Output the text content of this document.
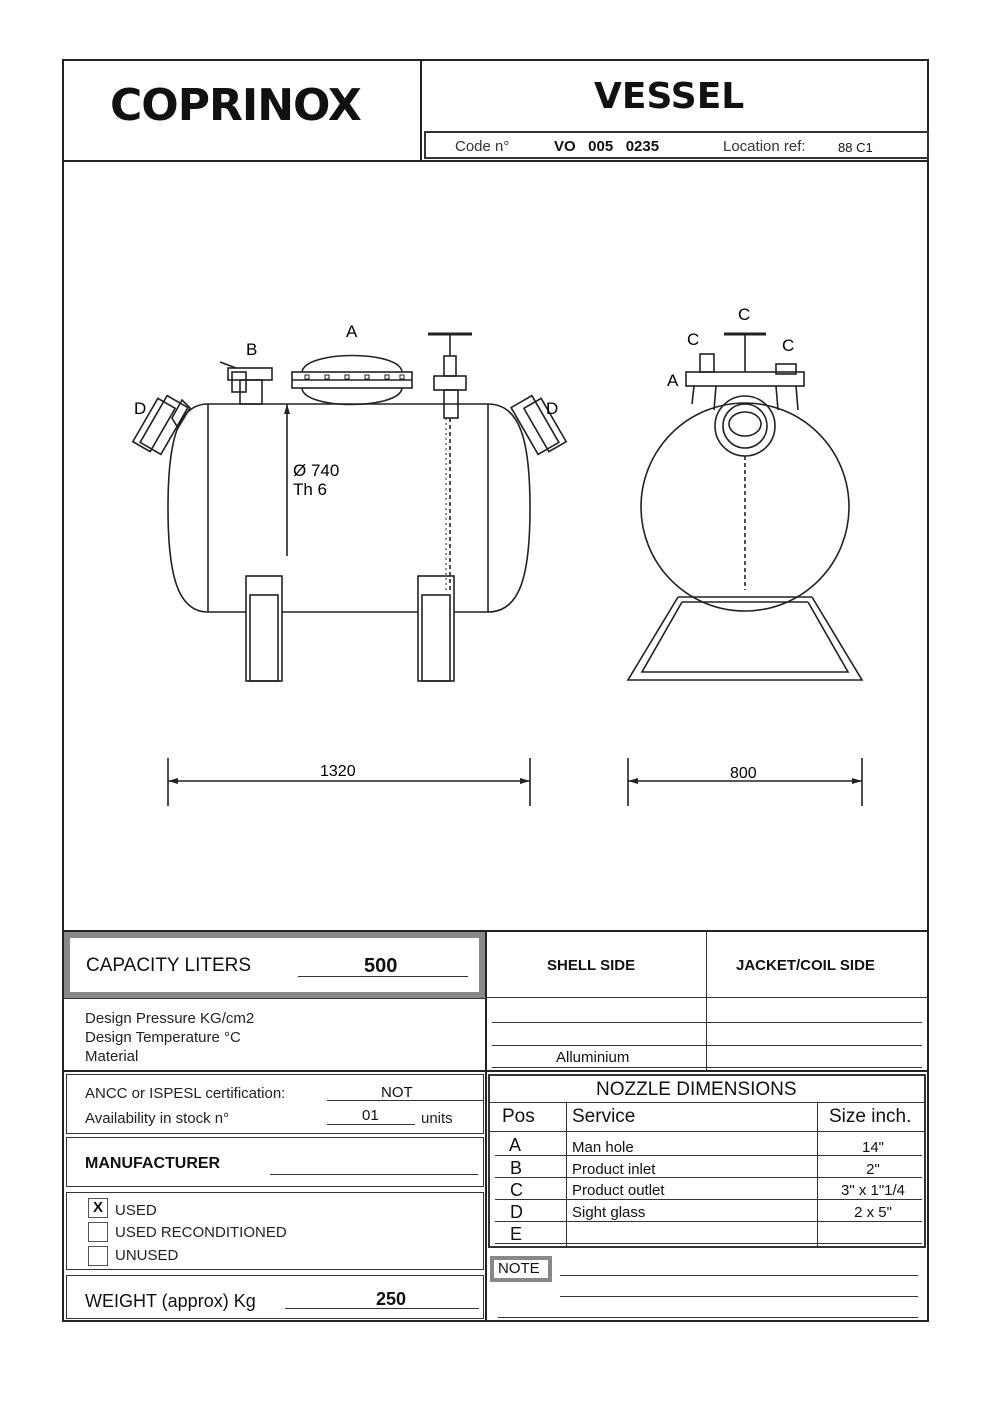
COPRINOX	VESSEL
Code n°	VO   005   0235	Location ref: 88 C1
A
B
D	D
Ø 740
Th 6
C
C	C
A
1320	800
CAPACITY LITERS	500	SHELL SIDE	JACKET/COIL SIDE
Design Pressure KG/cm2
Design Temperature °C
Material	Alluminium
ANCC or ISPESL certification:	NOT
Availability in stock n°	01	units
MANUFACTURER
X USED
USED RECONDITIONED
UNUSED
WEIGHT (approx) Kg	250
NOZZLE DIMENSIONS
Pos Service	Size inch.
A	Man hole	14"
B	Product inlet	2"
C	Product outlet	3" x 1"1/4
D	Sight glass	2 x 5"
E
NOTE
